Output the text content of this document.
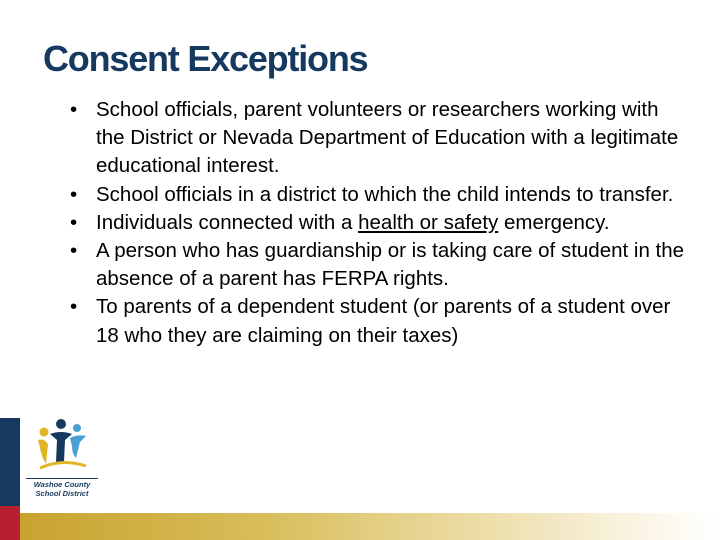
Consent Exceptions
• School officials, parent volunteers or researchers working with the District or Nevada Department of Education with a legitimate educational interest.
• School officials in a district to which the child intends to transfer.
• Individuals connected with a health or safety emergency.
• A person who has guardianship or is taking care of student in the absence of a parent has FERPA rights.
• To parents of a dependent student (or parents of a student over 18 who they are claiming on their taxes)
Washoe County
School District
